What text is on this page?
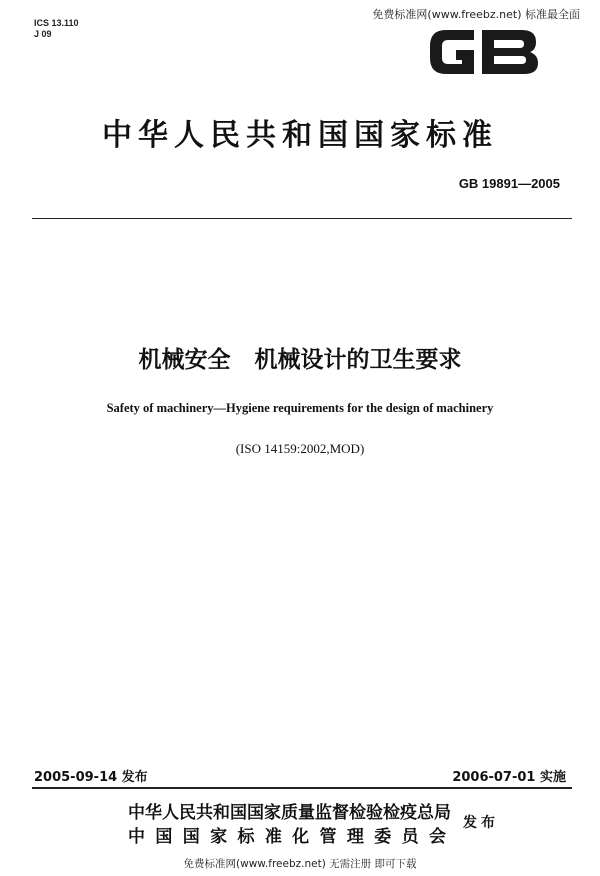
免费标准网(www.freebz.net) 标准最全面
ICS 13.110
J 09
中华人民共和国国家标准
GB 19891—2005
机械安全   机械设计的卫生要求
Safety of machinery—Hygiene requirements for the design of machinery
(ISO 14159:2002,MOD)
2005-09-14 发布	2006-07-01 实施
中华人民共和国国家质量监督检验检疫总局
中国国家标准化管理委员会
发布
免费标准网(www.freebz.net) 无需注册 即可下载
